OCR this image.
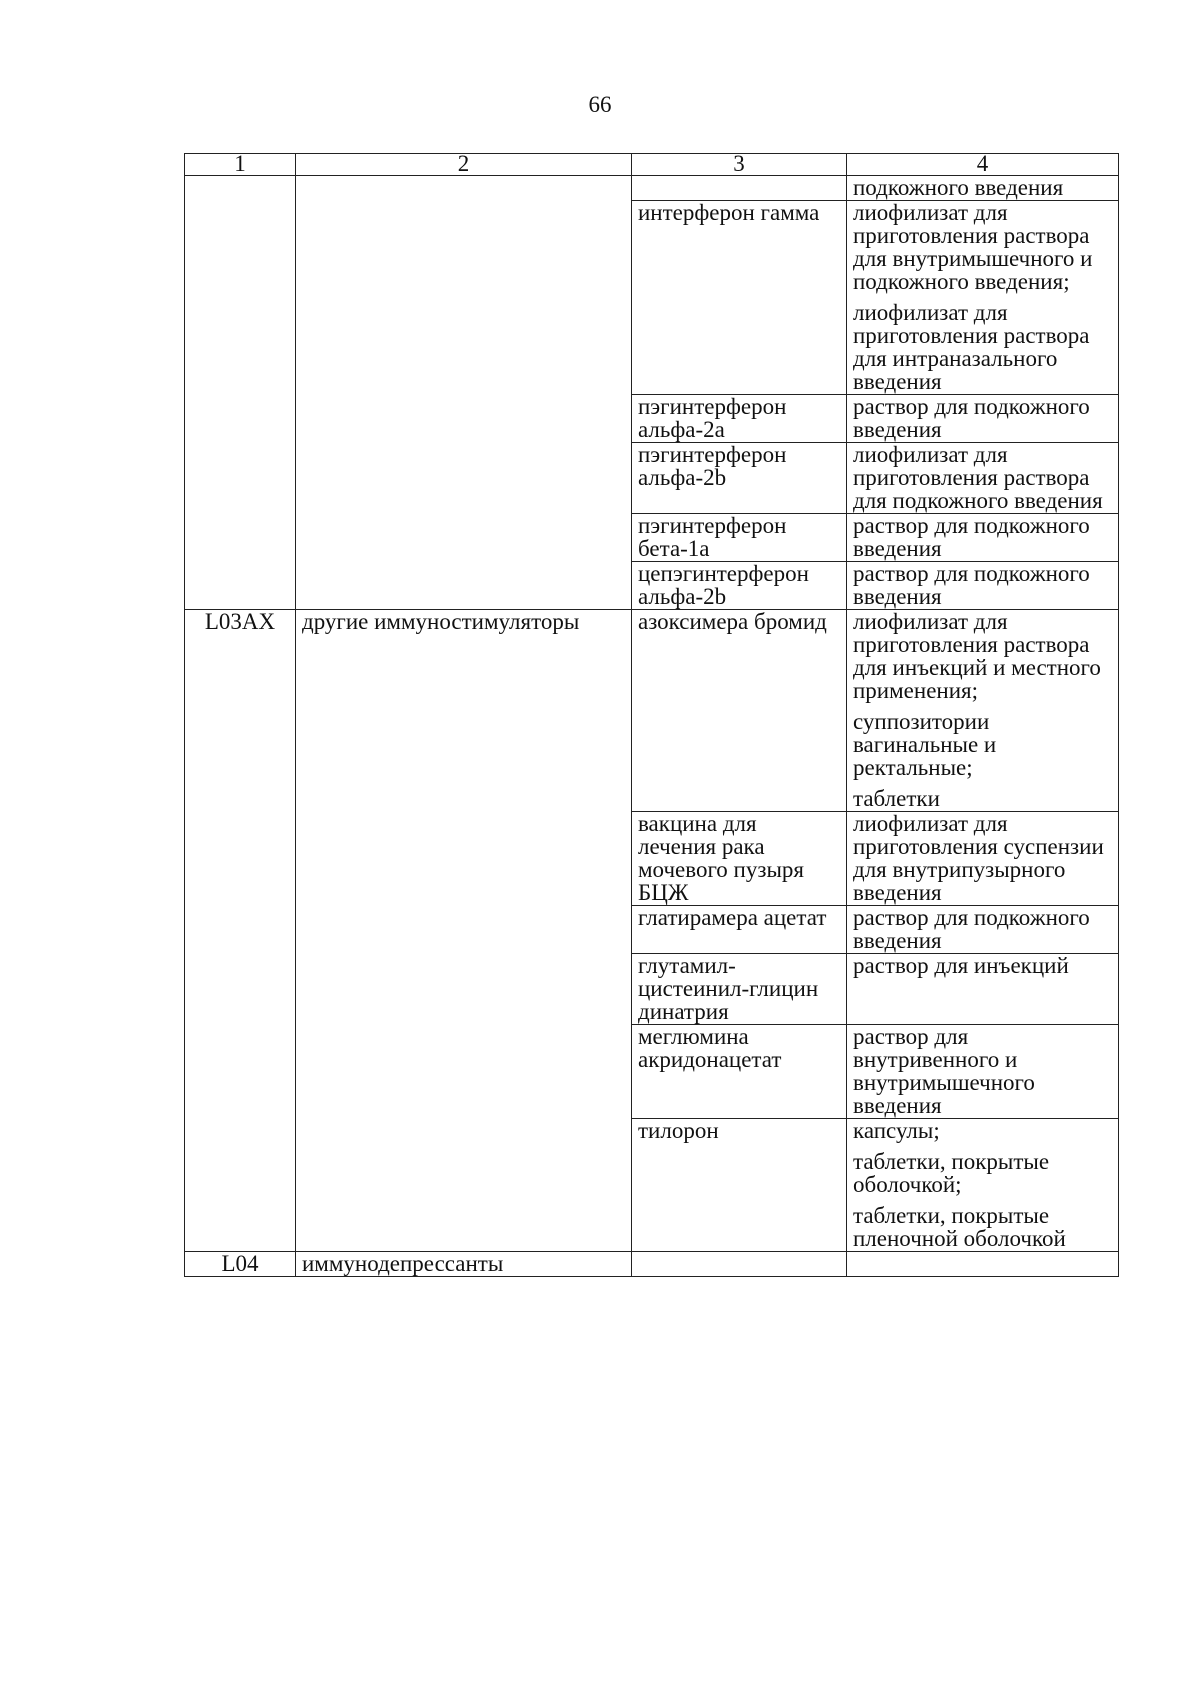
66
1	2	3	4

			подкожного введения

		интерферон гамма	лиофилизат для приготовления раствора для внутримышечного и подкожного введения;
лиофилизат для приготовления раствора для интраназального введения

		пэгинтерферон альфа-2a	раствор для подкожного введения

		пэгинтерферон альфа-2b	лиофилизат для приготовления раствора для подкожного введения

		пэгинтерферон бета-1a	раствор для подкожного введения

		цепэгинтерферон альфа-2b	раствор для подкожного введения

L03AX	другие иммуностимуляторы	азоксимера бромид	лиофилизат для приготовления раствора для инъекций и местного применения;
суппозитории вагинальные и ректальные;
таблетки

		вакцина для лечения рака мочевого пузыря БЦЖ	лиофилизат для приготовления суспензии для внутрипузырного введения

		глатирамера ацетат	раствор для подкожного введения

		глутамил-цистеинил-глицин динатрия	раствор для инъекций

		меглюмина акридонацетат	раствор для внутривенного и внутримышечного введения

		тилорон	капсулы;
таблетки, покрытые оболочкой;
таблетки, покрытые пленочной оболочкой

L04	иммунодепрессанты		
